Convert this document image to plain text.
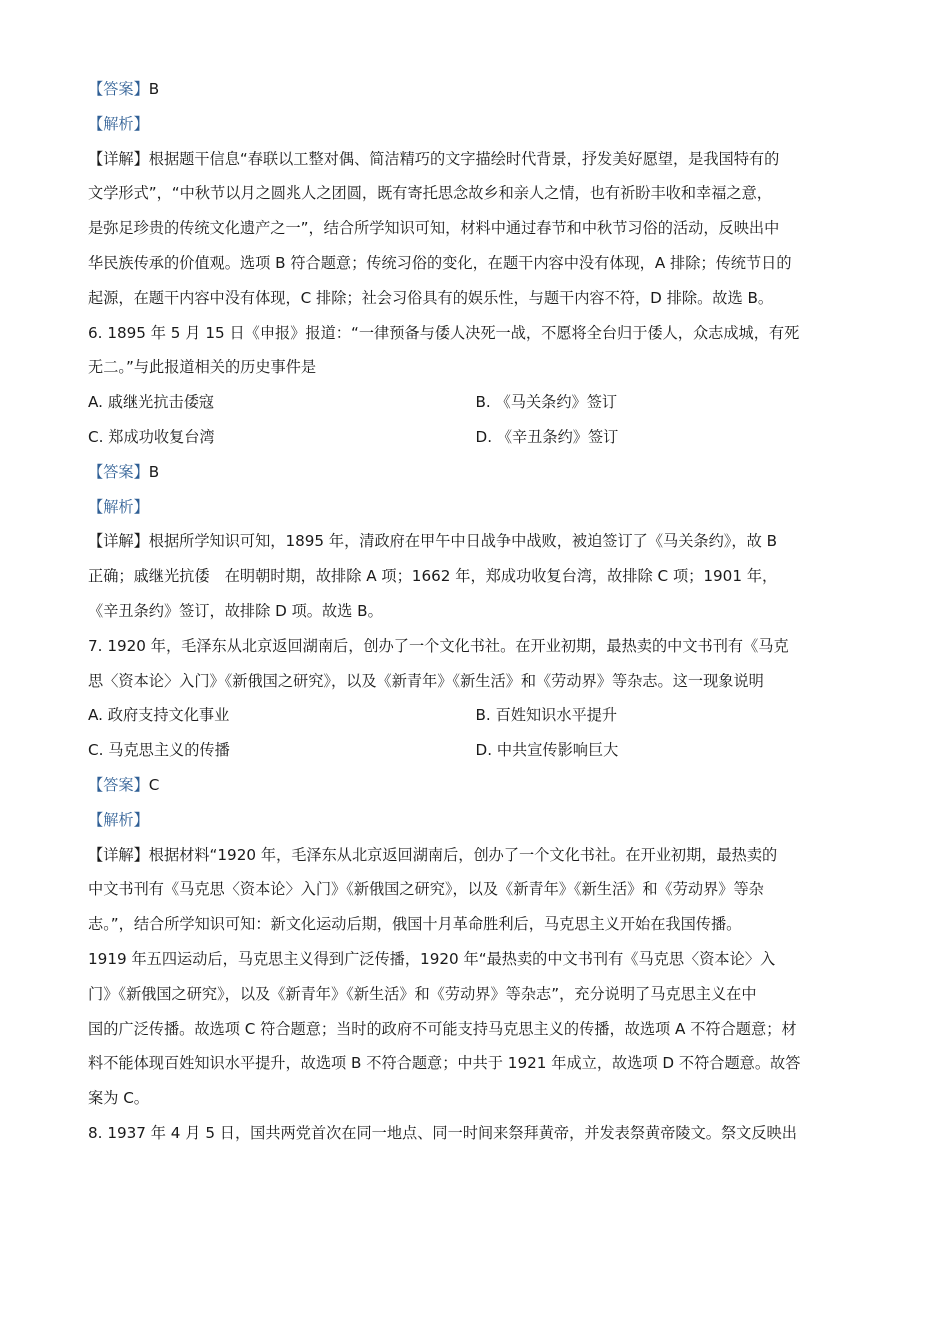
【答案】B
【解析】
【详解】根据题干信息“春联以工整对偶、简洁精巧的文字描绘时代背景，抒发美好愿望，是我国特有的
文学形式”，“中秋节以月之圆兆人之团圆，既有寄托思念故乡和亲人之情，也有祈盼丰收和幸福之意，
是弥足珍贵的传统文化遗产之一”，结合所学知识可知，材料中通过春节和中秋节习俗的活动，反映出中
华民族传承的价值观。选项 B 符合题意；传统习俗的变化，在题干内容中没有体现，A 排除；传统节日的
起源，在题干内容中没有体现，C 排除；社会习俗具有的娱乐性，与题干内容不符，D 排除。故选 B。
6. 1895 年 5 月 15 日《申报》报道：“一律预备与倭人决死一战，不愿将全台归于倭人，众志成城，有死
无二。”与此报道相关的历史事件是
A. 戚继光抗击倭寇	B. 《马关条约》签订
C. 郑成功收复台湾	D. 《辛丑条约》签订
【答案】B
【解析】
【详解】根据所学知识可知，1895 年，清政府在甲午中日战争中战败，被迫签订了《马关条约》，故 B
正确；戚继光抗倭　在明朝时期，故排除 A 项；1662 年，郑成功收复台湾，故排除 C 项；1901 年，
《辛丑条约》签订，故排除 D 项。故选 B。
7. 1920 年，毛泽东从北京返回湖南后，创办了一个文化书社。在开业初期，最热卖的中文书刊有《马克
思〈资本论〉入门》《新俄国之研究》，以及《新青年》《新生活》和《劳动界》等杂志。这一现象说明
A. 政府支持文化事业	B. 百姓知识水平提升
C. 马克思主义的传播	D. 中共宣传影响巨大
【答案】C
【解析】
【详解】根据材料“1920 年，毛泽东从北京返回湖南后，创办了一个文化书社。在开业初期，最热卖的
中文书刊有《马克思〈资本论〉入门》《新俄国之研究》，以及《新青年》《新生活》和《劳动界》等杂
志。”，结合所学知识可知：新文化运动后期，俄国十月革命胜利后，马克思主义开始在我国传播。
1919 年五四运动后，马克思主义得到广泛传播，1920 年“最热卖的中文书刊有《马克思〈资本论〉入
门》《新俄国之研究》，以及《新青年》《新生活》和《劳动界》等杂志”，充分说明了马克思主义在中
国的广泛传播。故选项 C 符合题意；当时的政府不可能支持马克思主义的传播，故选项 A 不符合题意；材
料不能体现百姓知识水平提升，故选项 B 不符合题意；中共于 1921 年成立，故选项 D 不符合题意。故答
案为 C。
8. 1937 年 4 月 5 日，国共两党首次在同一地点、同一时间来祭拜黄帝，并发表祭黄帝陵文。祭文反映出
